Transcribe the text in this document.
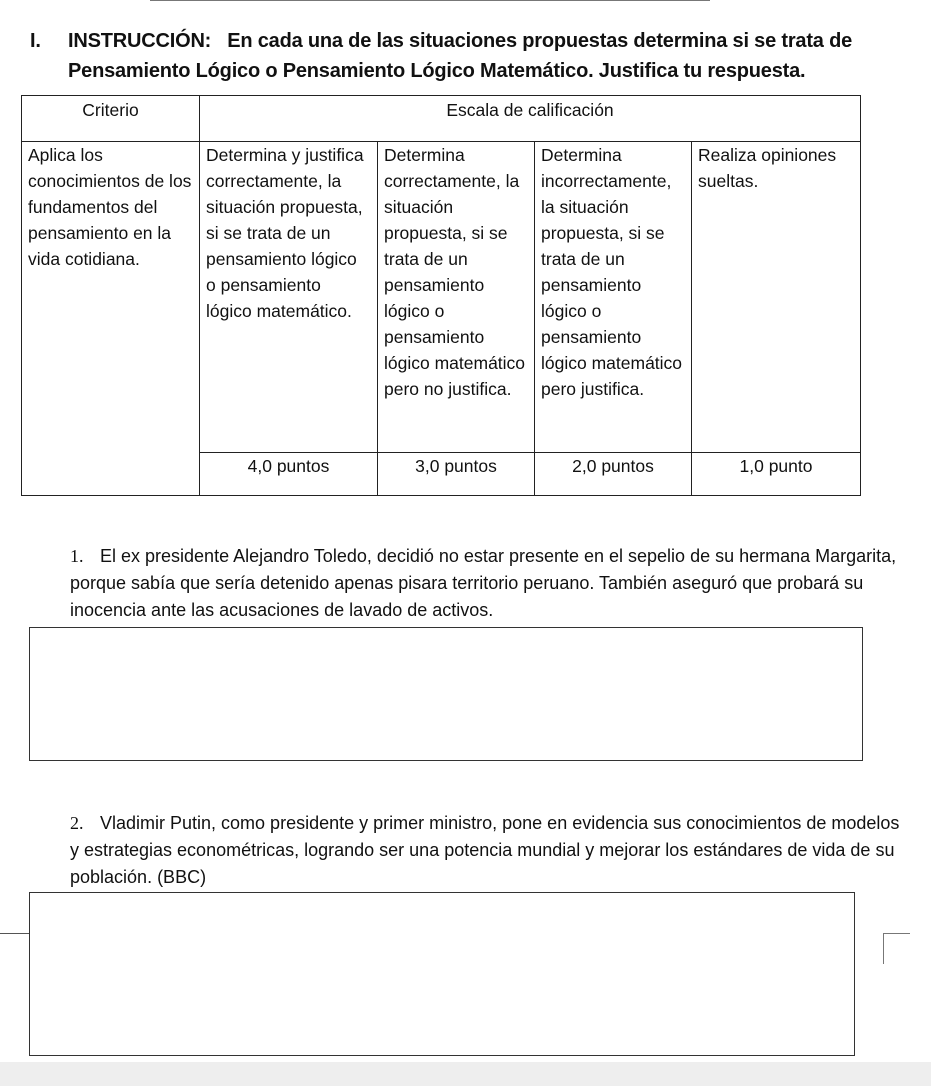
I. INSTRUCCIÓN:   En cada una de las situaciones propuestas determina si se trata de
Pensamiento Lógico o Pensamiento Lógico Matemático. Justifica tu respuesta.
Criterio	Escala de calificación			
Aplica los conocimientos de los fundamentos del pensamiento en la vida cotidiana.	Determina y justifica correctamente, la situación propuesta, si se trata de un pensamiento lógico o pensamiento lógico matemático.	Determina correctamente, la situación propuesta, si se trata de un pensamiento lógico o pensamiento lógico matemático pero no justifica.	Determina incorrectamente, la situación propuesta, si se trata de un pensamiento lógico o pensamiento lógico matemático pero justifica.	Realiza opiniones sueltas.
	4,0 puntos	3,0 puntos	2,0 puntos	1,0 punto
1. El ex presidente Alejandro Toledo, decidió no estar presente en el sepelio de su hermana Margarita, porque sabía que sería detenido apenas pisara territorio peruano. También aseguró que probará su inocencia ante las acusaciones de lavado de activos.
2. Vladimir Putin, como presidente y primer ministro, pone en evidencia sus conocimientos de modelos y estrategias econométricas, logrando ser una potencia mundial y mejorar los estándares de vida de su población. (BBC)
